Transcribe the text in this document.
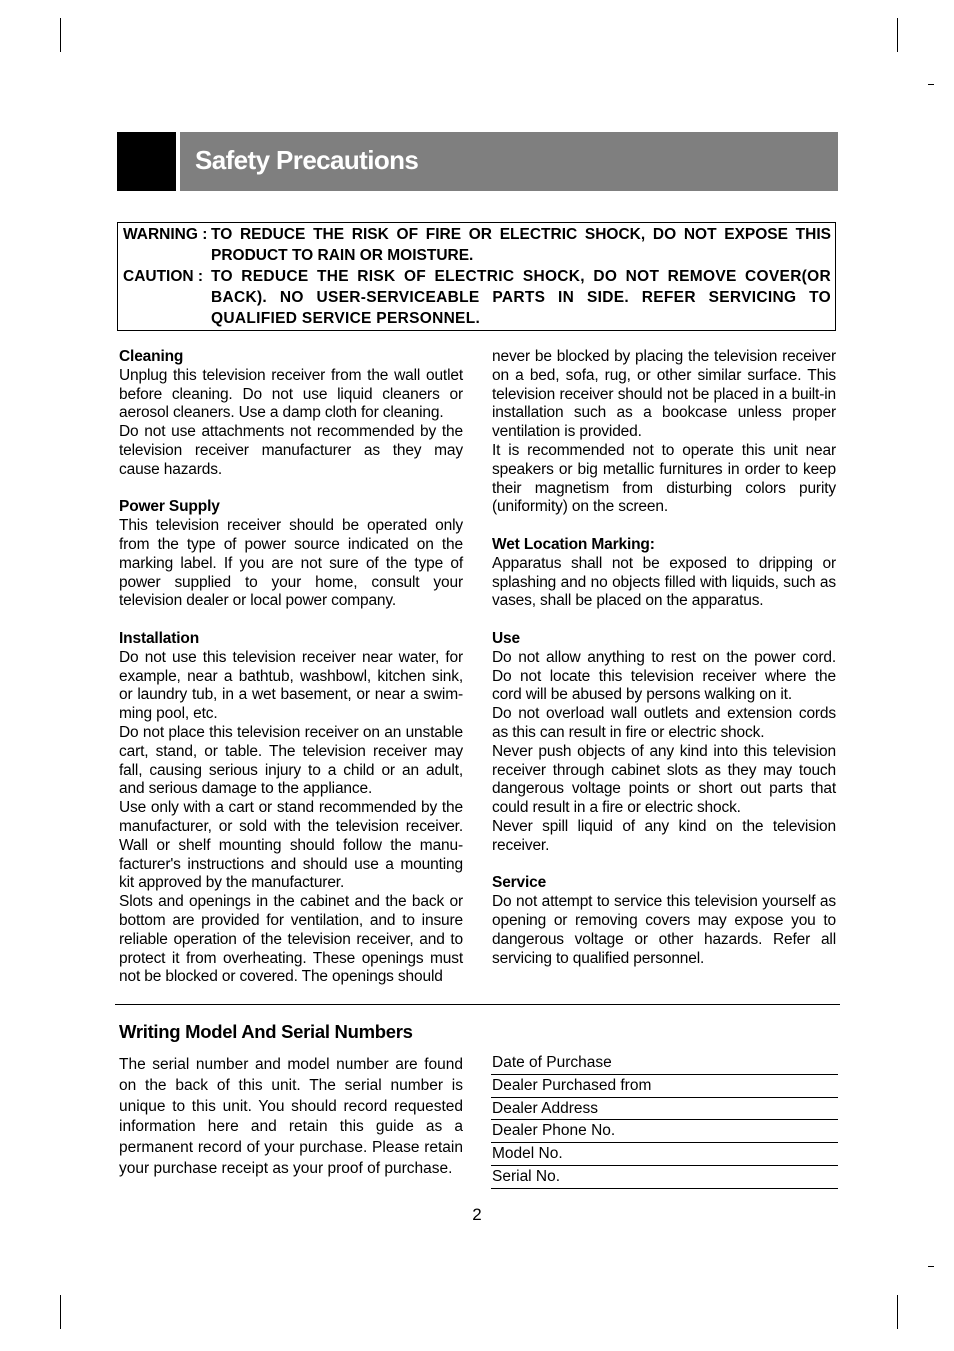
Safety Precautions
WARNING : TO REDUCE THE RISK OF FIRE OR ELECTRIC SHOCK, DO NOT EXPOSE THIS PRODUCT TO RAIN OR MOISTURE.
CAUTION : TO REDUCE THE RISK OF ELECTRIC SHOCK, DO NOT REMOVE COVER(OR BACK). NO USER-SERVICEABLE PARTS IN SIDE. REFER SERVICING TO QUALIFIED SERVICE PERSONNEL.
Cleaning

Unplug this television receiver from the wall outlet before cleaning. Do not use liquid cleaners or aerosol cleaners. Use a damp cloth for cleaning.

Do not use attachments not recommended by the television receiver manufacturer as they may cause hazards.

Power Supply

This television receiver should be operated only from the type of power source indicated on the marking label. If you are not sure of the type of power supplied to your home, consult your television dealer or local power company.

Installation

Do not use this television receiver near water, for example, near a bathtub, washbowl, kitchen sink, or laundry tub, in a wet basement, or near a swim-ming pool, etc.

Do not place this television receiver on an unstable cart, stand, or table. The television receiver may fall, causing serious injury to a child or an adult, and serious damage to the appliance.

Use only with a cart or stand recommended by the manufacturer, or sold with the television receiver. Wall or shelf mounting should follow the manu-facturer's instructions and should use a mounting kit approved by the manufacturer.

Slots and openings in the cabinet and the back or bottom are provided for ventilation, and to insure reliable operation of the television receiver, and to protect it from overheating. These openings must not be blocked or covered. The openings should

never be blocked by placing the television receiver on a bed, sofa, rug, or other similar surface. This television receiver should not be placed in a built-in installation such as a bookcase unless proper ventilation is provided.

It is recommended not to operate this unit near speakers or big metallic furnitures in order to keep their magnetism from disturbing colors purity (uniformity) on the screen.

Wet Location Marking:

Apparatus shall not be exposed to dripping or splashing and no objects filled with liquids, such as vases, shall be placed on the apparatus.

Use

Do not allow anything to rest on the power cord. Do not locate this television receiver where the cord will be abused by persons walking on it.

Do not overload wall outlets and extension cords as this can result in fire or electric shock.

Never push objects of any kind into this television receiver through cabinet slots as they may touch dangerous voltage points or short out parts that could result in a fire or electric shock.

Never spill liquid of any kind on the television receiver.

Service

Do not attempt to service this television yourself as opening or removing covers may expose you to dangerous voltage or other hazards. Refer all servicing to qualified personnel.

Writing Model And Serial Numbers
The serial number and model number are found on the back of this unit. The serial number is unique to this unit. You should record requested information here and retain this guide as a permanent record of your purchase. Please retain your purchase receipt as your proof of purchase.
Date of Purchase
Dealer Purchased from
Dealer Address
Dealer Phone No.
Model No.
Serial No.
2
